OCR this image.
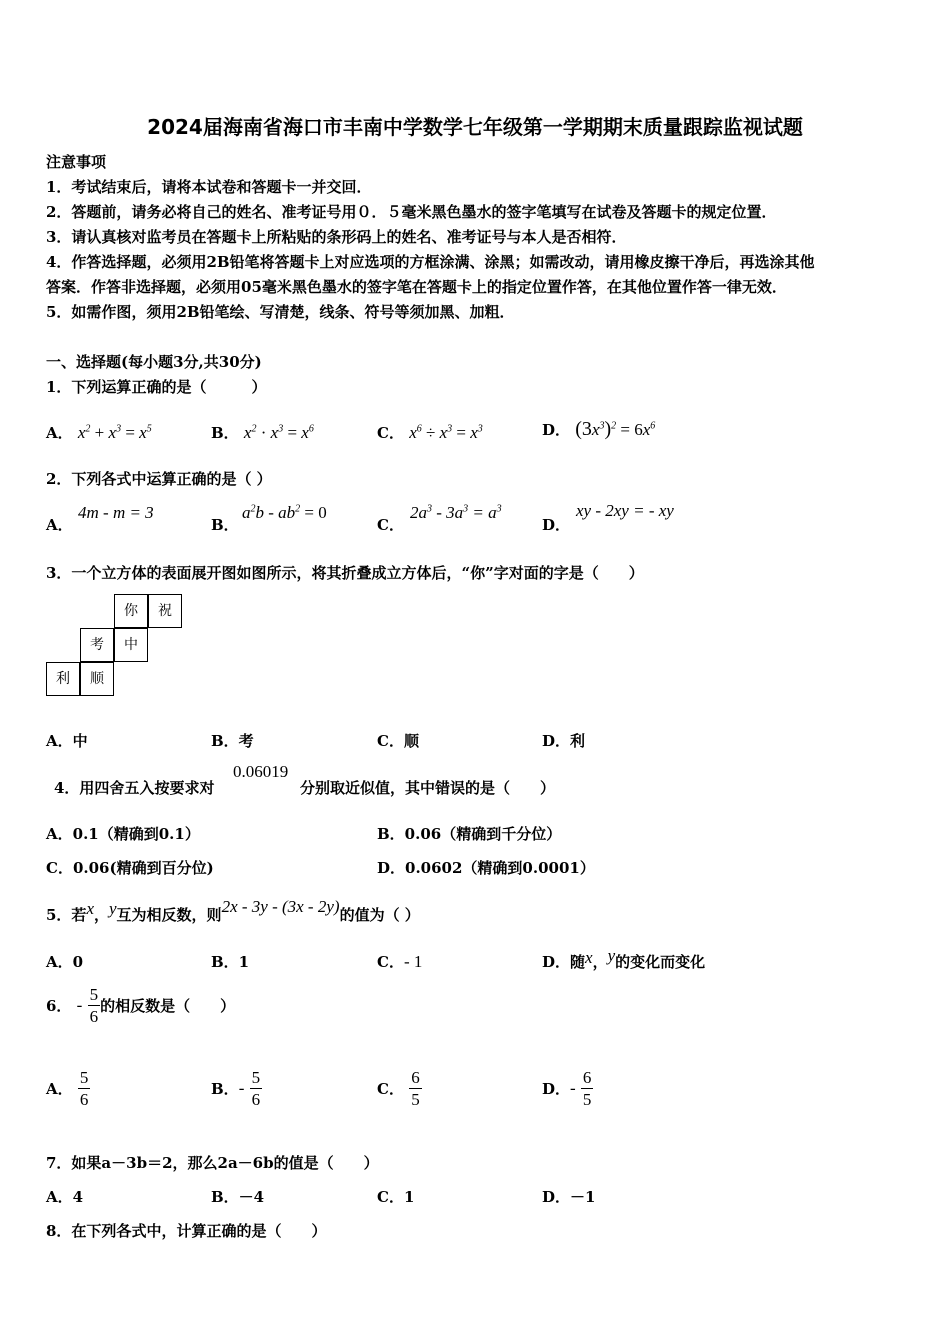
2024届海南省海口市丰南中学数学七年级第一学期期末质量跟踪监视试题
注意事项
1．考试结束后，请将本试卷和答题卡一并交回．
2．答题前，请务必将自己的姓名、准考证号用０．５毫米黑色墨水的签字笔填写在试卷及答题卡的规定位置．
3．请认真核对监考员在答题卡上所粘贴的条形码上的姓名、准考证号与本人是否相符．
4．作答选择题，必须用2B铅笔将答题卡上对应选项的方框涂满、涂黑；如需改动，请用橡皮擦干净后，再选涂其他
答案．作答非选择题，必须用05毫米黑色墨水的签字笔在答题卡上的指定位置作答，在其他位置作答一律无效．
5．如需作图，须用2B铅笔绘、写清楚，线条、符号等须加黑、加粗．
一、选择题(每小题3分,共30分)
1．下列运算正确的是（　　　）
A． $x^2 + x^3 = x^5$	B． $x^2 \cdot x^3 = x^6$	C． $x^6 \div x^3 = x^3$	D． $(3x^3)^2 = 6x^6$
2．下列各式中运算正确的是（ ）
A．
4m - m = 3
B．
$a^2b - ab^2 = 0$
C．
$2a^3 - 3a^3 = a^3$
D．
xy - 2xy = - xy
3．一个立方体的表面展开图如图所示，将其折叠成立方体后，“你”字对面的字是（　　）
你	祝
考	中
利	顺
A．中	B．考	C．顺	D．利
4．用四舍五入按要求对
0.06019
分别取近似值，其中错误的是（　　）
A．0.1（精确到0.1）	B．0.06（精确到千分位）
C．0.06(精确到百分位)	D．0.0602（精确到0.0001）
5．若x，y互为相反数，则2x - 3y - (3x - 2y)的值为（ ）
A．0	B．1	C．- 1	D．随x，y的变化而变化
6． - $\frac{5}{6}$ 的相反数是（　　）
A． $\frac{5}{6}$	B．- $\frac{5}{6}$	C． $\frac{6}{5}$	D．- $\frac{6}{5}$
7．如果a－3b＝2，那么2a－6b的值是（　　）
A．4	B．－4	C．1	D．－1
8．在下列各式中，计算正确的是（　　）
